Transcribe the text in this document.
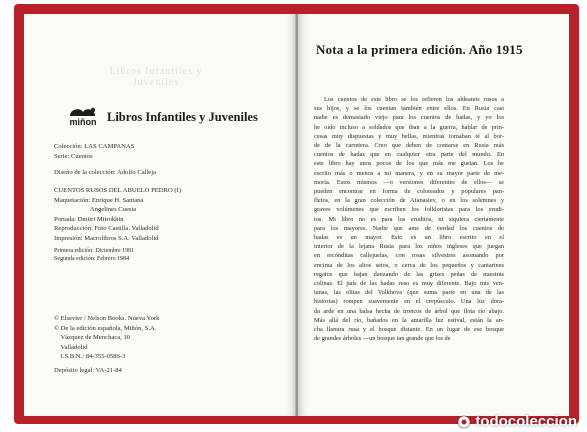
Libros Infantiles y Juveniles
miñon Libros Infantiles y Juveniles
Colección: LAS CAMPANAS
Serie: Cuentos
Diseño de la colección: Adolfo Calleja
CUENTOS RUSOS DEL ABUELO PEDRO (I)
Maquetación: Enrique H. Santana
Angelines Cuesta
Portada: Dmitri Mitrokhin
Reproducción: Foto Castilla. Valladolid
Impresión: Macrolibros S.A. Valladolid
Primera edición: Diciembre 1981
Segunda edición: Febrero 1984
© Elsevier / Nelson Books. Nueva York
© De la edición española, Miñón, S.A.
Vázquez de Menchaca, 10
Valladolid
I.S.B.N.: 84-355-0586-3
Depósito legal: VA-21-84
Nota a la primera edición. Año 1915
Los cuentos de este libro se los refieren los aldeanos rusos a
sus hijos, y se los cuentan también entre ellos. En Rusia casi
nadie es demasiado viejo para los cuentos de hadas, y yo los
he oído incluso a soldados que iban a la guerra, hablar de prin-
cesas muy dispuestas y muy bellas, mientras tomaban té al bor-
de de la carretera. Creo que deben de contarse en Rusia más
cuentos de hadas que en cualquier otra parte del mundo. En
este libro hay unos pocos de los que más me gustan. Los he
escrito más o menos a mi manera, y en su mayor parte de me-
moria. Estos mismos —o versiones diferentes de ellos— se
pueden encontrar en forma de coloreados y populares pan-
fletos, en la gran colección de Afanasiev, o en los solemnes y
graves volúmenes que escriben los folkloristas para los erudi-
tos. Mi libro no es para los eruditos, ni siquiera ciertamente
para los mayores. Nadie que ame de verdad los cuentos de
hadas es un mayor. Esto es un libro escrito en el
interior de la lejana Rusia para los niños ingleses que juegan
en recónditas callejuelas, con rosas silvestres asomando por
encima de los altos setos, o cerca de los pequeños y cantarines
regatos que bajan danzando de las grises peñas de nuestras
colinas. El país de las hadas ruso es muy diferente. Bajo mis ven-
tanas, las olitas del Volkhova (que suma parte en una de las
historias) rompen suavemente en el crepúsculo. Una luz dora-
da arde en una balsa hecha de troncos de árbol que flota río abajo.
Más allá del río, bañados en la amarilla luz estival, están la an-
cha llanura rusa y el bosque distante. En un lugar de ese bosque
de grandes árboles —un bosque tan grande que los de
todocoleccion
